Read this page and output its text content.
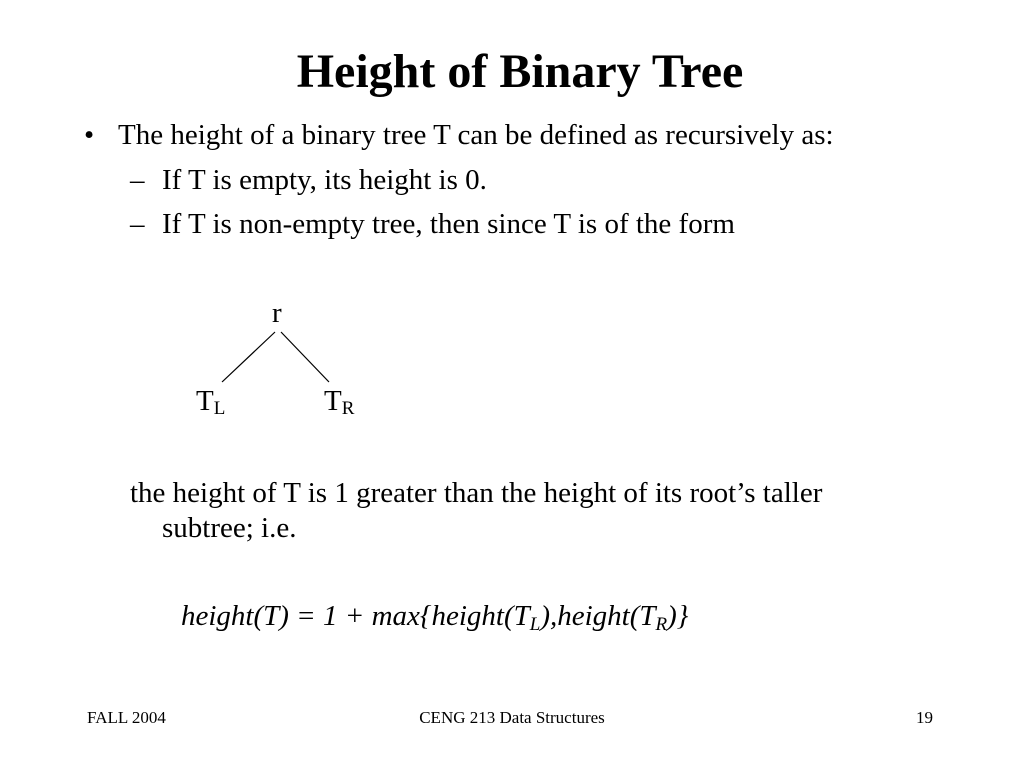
Height of Binary Tree
• The height of a binary tree T can be defined as recursively as:
– If T is empty, its height is 0.
– If T is non-empty tree, then since T is of the form
r
$T_L$	$T_R$
the height of T is 1 greater than the height of its root’s taller
subtree; i.e.
height(T) = $1 + \max\{height(T_L),height(T_R)\}$
FALL 2004	CENG 213 Data Structures	19
